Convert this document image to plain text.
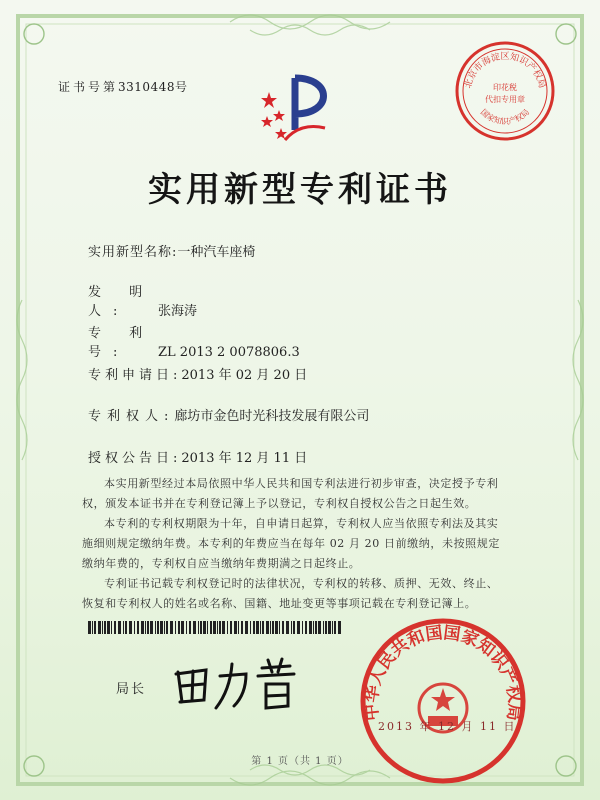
证书号第3310448号	北京市海淀区知识产权局
印花税
代扣专用章
国家知识产权局
实用新型专利证书
实用新型名称:一种汽车座椅
发 明 人: 张海涛
专 利 号: ZL 2013 2 0078806.3
专利申请日:2013 年 02 月 20 日
专利权人:廊坊市金色时光科技发展有限公司
授权公告日:2013 年 12 月 11 日

本实用新型经过本局依照中华人民共和国专利法进行初步审查，决定授予专利权，颁发本证书并在专利登记簿上予以登记，专利权自授权公告之日起生效。

本专利的专利权期限为十年，自申请日起算，专利权人应当依照专利法及其实施细则规定缴纳年费。本专利的年费应当在每年 02 月 20 日前缴纳，未按照规定缴纳年费的，专利权自应当缴纳年费期满之日起终止。

专利证书记载专利权登记时的法律状况，专利权的转移、质押、无效、终止、恢复和专利权人的姓名或名称、国籍、地址变更等事项记载在专利登记簿上。

局长
中华人民共和国国家知识产权局
2013 年 12 月 11 日
第 1 页（共 1 页）
